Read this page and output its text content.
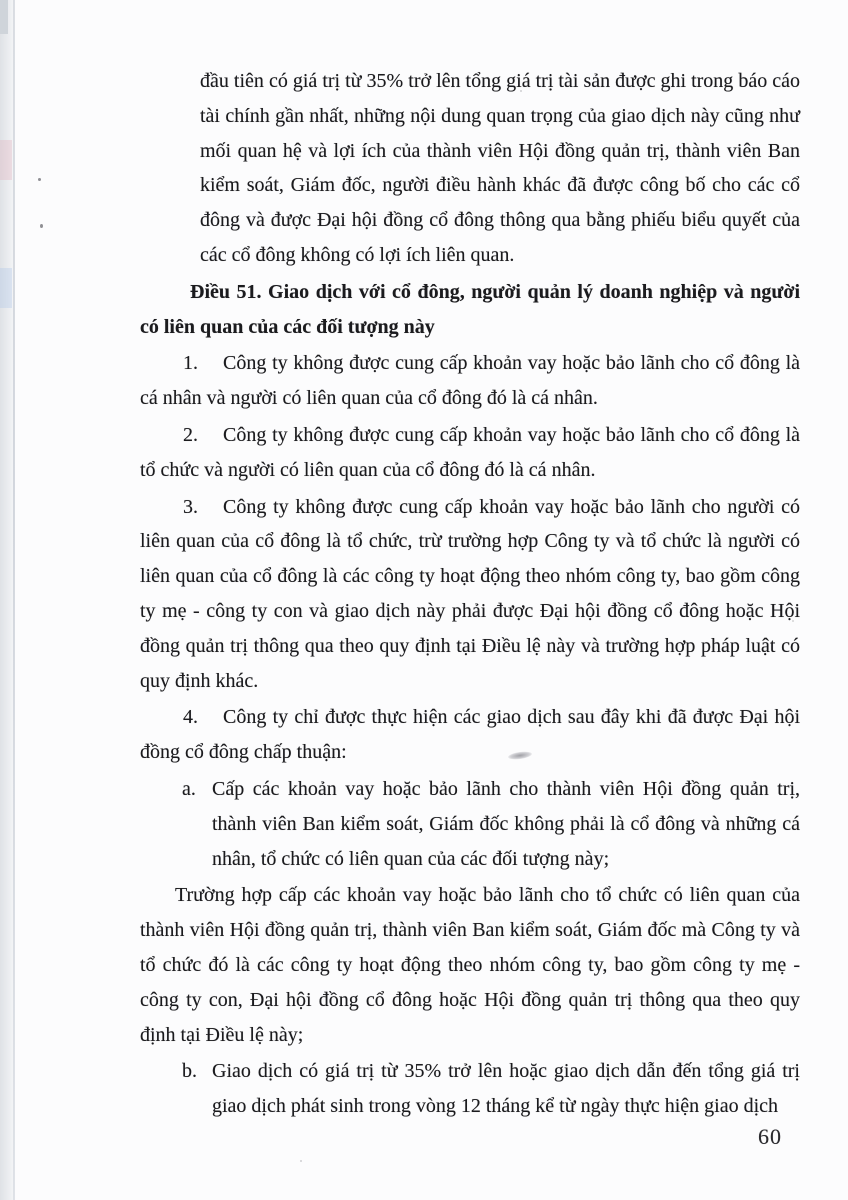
đầu tiên có giá trị từ 35% trở lên tổng giá trị tài sản được ghi trong báo cáo tài chính gần nhất, những nội dung quan trọng của giao dịch này cũng như mối quan hệ và lợi ích của thành viên Hội đồng quản trị, thành viên Ban kiểm soát, Giám đốc, người điều hành khác đã được công bố cho các cổ đông và được Đại hội đồng cổ đông thông qua bằng phiếu biểu quyết của các cổ đông không có lợi ích liên quan.

Điều 51. Giao dịch với cổ đông, người quản lý doanh nghiệp và người có liên quan của các đối tượng này

1. Công ty không được cung cấp khoản vay hoặc bảo lãnh cho cổ đông là cá nhân và người có liên quan của cổ đông đó là cá nhân.

2. Công ty không được cung cấp khoản vay hoặc bảo lãnh cho cổ đông là tổ chức và người có liên quan của cổ đông đó là cá nhân.

3. Công ty không được cung cấp khoản vay hoặc bảo lãnh cho người có liên quan của cổ đông là tổ chức, trừ trường hợp Công ty và tổ chức là người có liên quan của cổ đông là các công ty hoạt động theo nhóm công ty, bao gồm công ty mẹ - công ty con và giao dịch này phải được Đại hội đồng cổ đông hoặc Hội đồng quản trị thông qua theo quy định tại Điều lệ này và trường hợp pháp luật có quy định khác.

4. Công ty chỉ được thực hiện các giao dịch sau đây khi đã được Đại hội đồng cổ đông chấp thuận:

a. Cấp các khoản vay hoặc bảo lãnh cho thành viên Hội đồng quản trị, thành viên Ban kiểm soát, Giám đốc không phải là cổ đông và những cá nhân, tổ chức có liên quan của các đối tượng này;

Trường hợp cấp các khoản vay hoặc bảo lãnh cho tổ chức có liên quan của thành viên Hội đồng quản trị, thành viên Ban kiểm soát, Giám đốc mà Công ty và tổ chức đó là các công ty hoạt động theo nhóm công ty, bao gồm công ty mẹ - công ty con, Đại hội đồng cổ đông hoặc Hội đồng quản trị thông qua theo quy định tại Điều lệ này;

b. Giao dịch có giá trị từ 35% trở lên hoặc giao dịch dẫn đến tổng giá trị giao dịch phát sinh trong vòng 12 tháng kể từ ngày thực hiện giao dịch

60
